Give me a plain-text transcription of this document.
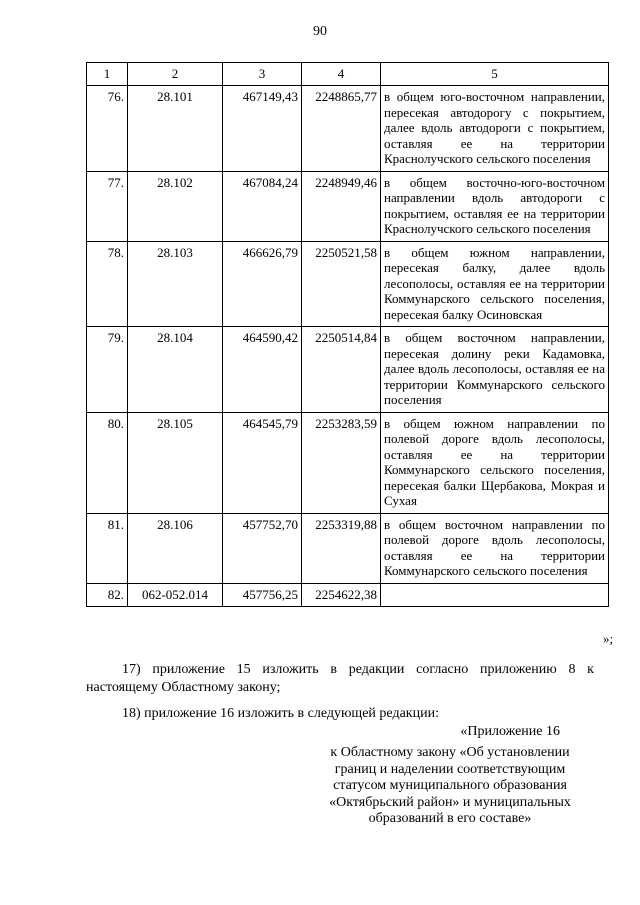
90
1	2	3	4	5
76.	28.101	467149,43	2248865,77	в общем юго-восточном направлении, пересекая автодорогу с покрытием, далее вдоль автодороги с покрытием, оставляя ее на территории Краснолучского сельского поселения
77.	28.102	467084,24	2248949,46	в общем восточно-юго-восточном направлении вдоль автодороги с покрытием, оставляя ее на территории Краснолучского сельского поселения
78.	28.103	466626,79	2250521,58	в общем южном направлении, пересекая балку, далее вдоль лесополосы, оставляя ее на территории Коммунарского сельского поселения, пересекая балку Осиновская
79.	28.104	464590,42	2250514,84	в общем восточном направлении, пересекая долину реки Кадамовка, далее вдоль лесополосы, оставляя ее на территории Коммунарского сельского поселения
80.	28.105	464545,79	2253283,59	в общем южном направлении по полевой дороге вдоль лесополосы, оставляя ее на территории Коммунарского сельского поселения, пересекая балки Щербакова, Мокрая и Сухая
81.	28.106	457752,70	2253319,88	в общем восточном направлении по полевой дороге вдоль лесополосы, оставляя ее на территории Коммунарского сельского поселения
82.	062-052.014	457756,25	2254622,38	
»;
17) приложение 15 изложить в редакции согласно приложению 8 к настоящему Областному закону;
18) приложение 16 изложить в следующей редакции:
«Приложение 16
к Областному закону «Об установлении
границ и наделении соответствующим
статусом муниципального образования
«Октябрьский район» и муниципальных
образований в его составе»
